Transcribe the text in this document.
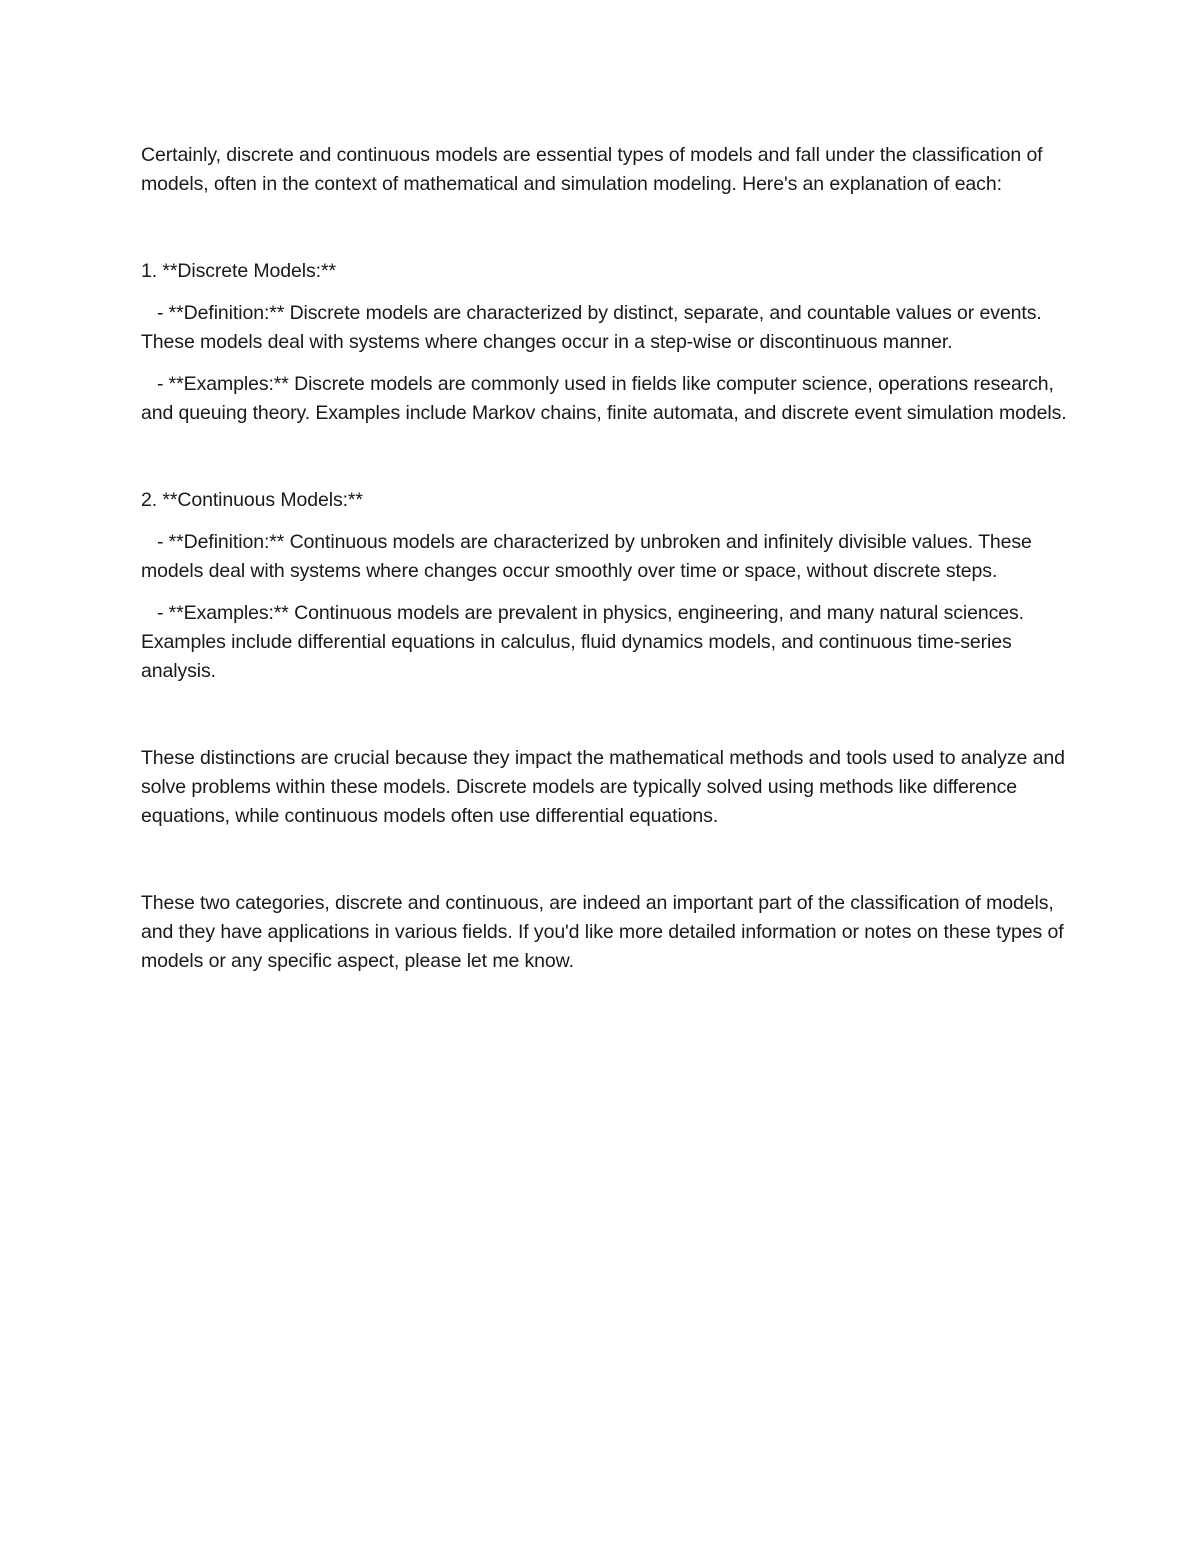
Certainly, discrete and continuous models are essential types of models and fall under the classification of models, often in the context of mathematical and simulation modeling. Here's an explanation of each:

1. **Discrete Models:**

- **Definition:** Discrete models are characterized by distinct, separate, and countable values or events. These models deal with systems where changes occur in a step-wise or discontinuous manner.

- **Examples:** Discrete models are commonly used in fields like computer science, operations research, and queuing theory. Examples include Markov chains, finite automata, and discrete event simulation models.

2. **Continuous Models:**

- **Definition:** Continuous models are characterized by unbroken and infinitely divisible values. These models deal with systems where changes occur smoothly over time or space, without discrete steps.

- **Examples:** Continuous models are prevalent in physics, engineering, and many natural sciences. Examples include differential equations in calculus, fluid dynamics models, and continuous time-series analysis.

These distinctions are crucial because they impact the mathematical methods and tools used to analyze and solve problems within these models. Discrete models are typically solved using methods like difference equations, while continuous models often use differential equations.

These two categories, discrete and continuous, are indeed an important part of the classification of models, and they have applications in various fields. If you'd like more detailed information or notes on these types of models or any specific aspect, please let me know.
